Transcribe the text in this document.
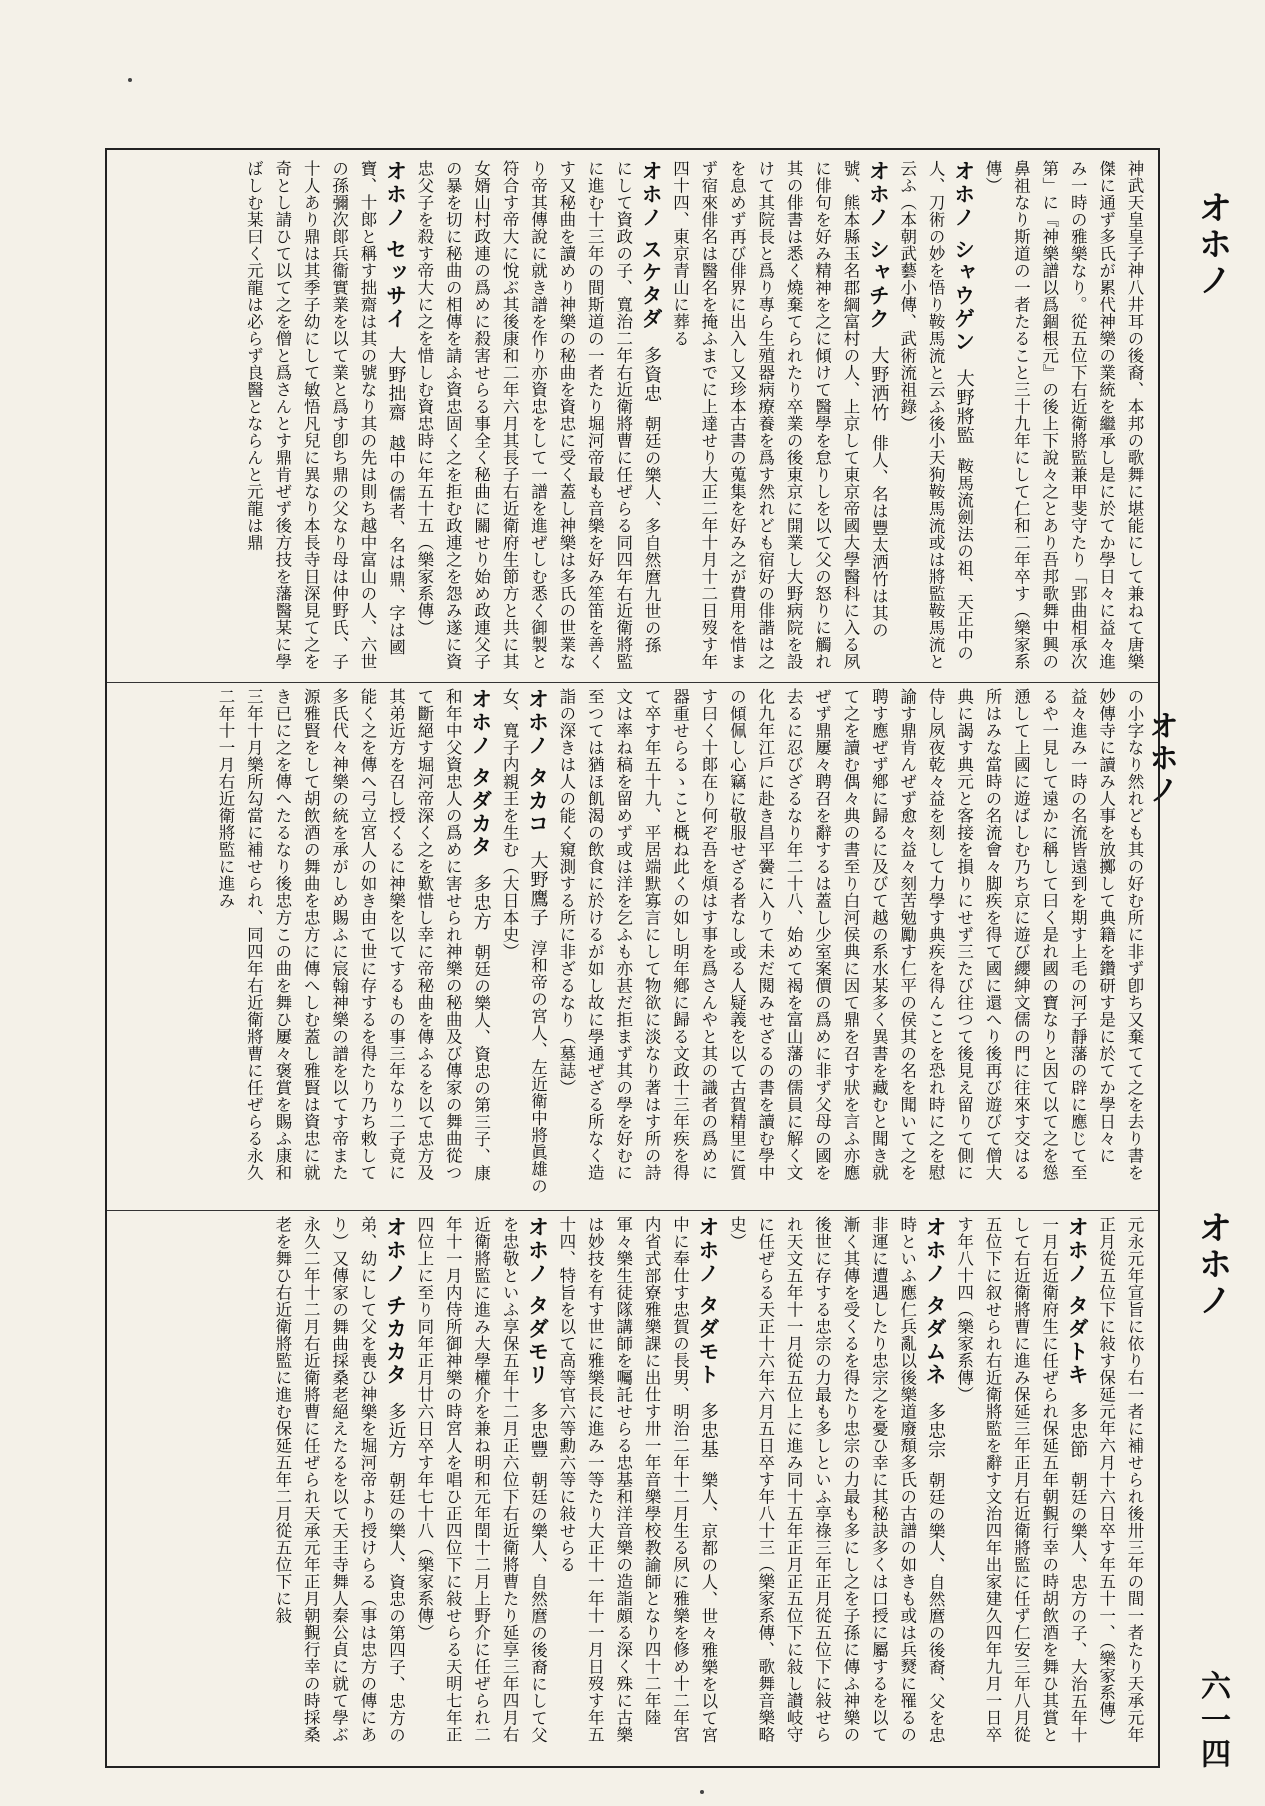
オホノ
オホノ
オホノ
六一四
神武天皇皇子神八井耳の後裔、本邦の歌舞に堪能にして兼ねて唐樂傑に通ず多氏が累代神樂の業統を繼承し是に於てか學日々に益々進み一時の雅樂なり。從五位下右近衛將監兼甲斐守たり「郢曲相承次第」に『神樂譜以爲錮根元』の後上下說々之とあり吾邦歌舞中興の鼻祖なり斯道の一者たること三十九年にして仁和二年卒す（樂家系傳）
オホノ シャウゲン大野將監鞍馬流劍法の祖、天正中の人、刀術の妙を悟り鞍馬流と云ふ後小天狗鞍馬流或は將監鞍馬流と云ふ（本朝武藝小傳、武術流祖錄）
オホノ シャチク大野洒竹俳人、名は豐太洒竹は其の號、熊本縣玉名郡綱富村の人、上京して東京帝國大學醫科に入る夙に俳句を好み精神を之に傾けて醫學を怠りしを以て父の怒りに觸れ其の俳書は悉く燒棄てられたり卒業の後東京に開業し大野病院を設けて其院長と爲り專ら生殖器病療養を爲す然れども宿好の俳諧は之を息めず再び俳界に出入し又珍本古書の蒐集を好み之が費用を惜まず宿來俳名は醫名を掩ふまでに上達せり大正二年十月十二日歿す年四十四、東京青山に葬る
オホノ スケタダ多資忠朝廷の樂人、多自然麿九世の孫にして資政の子、寬治二年右近衛將曹に任ぜらる同四年右近衛將監に進む十三年の間斯道の一者たり堀河帝最も音樂を好み笙笛を善くす又秘曲を讀めり神樂の秘曲を資忠に受く蓋し神樂は多氏の世業なり帝其傳說に就き譜を作り亦資忠をして一譜を進ぜしむ悉く御製と符合す帝大に悅ぶ其後康和二年六月其長子右近衛府生節方と共に其女婿山村政連の爲めに殺害せらる事全く秘曲に關せり始め政連父子の暴を切に秘曲の相傳を請ふ資忠固く之を拒む政連之を怨み遂に資忠父子を殺す帝大に之を惜しむ資忠時に年五十五（樂家系傳）
オホノ セッサイ大野拙齋越中の儒者、名は鼎、字は國寶、十郞と稱す拙齋は其の號なり其の先は則ち越中富山の人、六世の孫彌次郞兵衞實業を以て業と爲す卽ち鼎の父なり母は仲野氏、子十人あり鼎は其季子幼にして敏悟凡兒に異なり本長寺日深見て之を奇とし請ひて以て之を僧と爲さんとす鼎肯ぜず後方技を藩醫某に學ばしむ某曰く元龍は必らず良醫とならんと元龍は鼎
の小字なり然れども其の好む所に非ず卽ち又棄てて之を去り書を妙傳寺に讀み人事を放擲して典籍を鑽研す是に於てか學日々に益々進み一時の名流皆遠到を期す上毛の河子靜藩の辟に應じて至るや一見して遠かに稱して曰く是れ國の寶なりと因て以て之を慫慂して上國に遊ばしむ乃ち京に遊び纓紳文儒の門に往來す交はる所はみな當時の名流會々脚疾を得て國に還へり後再び遊びて僧大典に謁す典元と客接を損りにせず三たび往つて後見え留りて側に侍し夙夜乾々益を刻して力學す典疾を得んことを恐れ時に之を慰諭す鼎肯んぜず愈々益々刻苦勉勵す仁平の侯其の名を聞いて之を聘す應ぜず鄕に歸るに及びて越の系水某多く異書を藏むと聞き就て之を讀む偶々典の書至り白河侯典に因て鼎を召す狀を言ふ亦應ぜず鼎屢々聘召を辭するは蓋し少室案價の爲めに非ず父母の國を去るに忍びざるなり年二十八、始めて褐を富山藩の儒員に解く文化九年江戶に赴き昌平黌に入りて未だ閱みせざるの書を讀む學中の傾佩し心竊に敬服せざる者なし或る人疑義を以て古賀精里に質す曰く十郞在り何ぞ吾を煩はす事を爲さんやと其の識者の爲めに器重せらるゝこと概ね此くの如し明年鄕に歸る文政十三年疾を得て卒す年五十九、平居端默寡言にして物欲に淡なり著はす所の詩文は率ね稿を留めず或は洋を乞ふも亦甚だ拒まず其の學を好むに至つては猶ほ飢渴の飲食に於けるが如し故に學通ぜざる所なく造詣の深きは人の能く窺測する所に非ざるなり（墓誌）
オホノ タカコ大野鷹子淳和帝の宮人、左近衛中將眞雄の女、寬子内親王を生む（大日本史）
オホノ タダカタ多忠方朝廷の樂人、資忠の第三子、康和年中父資忠人の爲めに害せられ神樂の秘曲及び傳家の舞曲從つて斷絕す堀河帝深く之を歎惜し幸に帝秘曲を傳ふるを以て忠方及其弟近方を召し授くるに神樂を以てするもの事三年なり二子竟に能く之を傳へ弓立宮人の如き由て世に存するを得たり乃ち敕して多氏代々神樂の統を承がしめ賜ふに宸翰神樂の譜を以てす帝また源雅賢をして胡飲酒の舞曲を忠方に傳へしむ蓋し雅賢は資忠に就き已に之を傳へたるなり後忠方この曲を舞ひ屢々褒賞を賜ふ康和三年十月樂所勾當に補せられ、同四年右近衛將曹に任ぜらる永久二年十一月右近衛將監に進み
元永元年宣旨に依り右一者に補せられ後卅三年の間一者たり天承元年正月從五位下に敍す保延元年六月十六日卒す年五十一、（樂家系傳）
オホノ タダトキ多忠節朝廷の樂人、忠方の子、大治五年十一月右近衛府生に任ぜられ保延五年朝覲行幸の時胡飲酒を舞ひ其賞として右近衛將曹に進み保延三年正月右近衛將監に任ず仁安三年八月從五位下に叙せられ右近衛將監を辭す文治四年出家建久四年九月一日卒す年八十四（樂家系傳）
オホノ タダムネ多忠宗朝廷の樂人、自然麿の後裔、父を忠時といふ應仁兵亂以後樂道廢頹多氏の古譜の如きも或は兵燹に罹るの非運に遭遇したり忠宗之を憂ひ幸に其秘訣多くは口授に屬するを以て漸く其傳を受くるを得たり忠宗の力最も多にし之を子孫に傳ふ神樂の後世に存する忠宗の力最も多しといふ享祿三年正月從五位下に敍せられ天文五年十一月從五位上に進み同十五年正月正五位下に敍し讃岐守に任ぜらる天正十六年六月五日卒す年八十三（樂家系傳、歌舞音樂略史）
オホノ タダモト多忠基樂人、京都の人、世々雅樂を以て宮中に奉仕す忠賀の長男、明治二年十二月生る夙に雅樂を修め十二年宮内省式部寮雅樂課に出仕す卅一年音樂學校教諭師となり四十二年陸軍々樂生徒隊講師を囑託せらる忠基和洋音樂の造詣頗る深く殊に古樂は妙技を有す世に雅樂長に進み一等たり大正十一年十一月日歿す年五十四、特旨を以て高等官六等勳六等に敍せらる
オホノ タダモリ多忠豐朝廷の樂人、自然麿の後裔にして父を忠敬といふ享保五年十二月正六位下右近衛將曹たり延享三年四月右近衛將監に進み大學權介を兼ね明和元年閏十二月上野介に任ぜられ二年十一月内侍所御神樂の時宮人を唱ひ正四位下に敍せらる天明七年正四位上に至り同年正月廿六日卒す年七十八（樂家系傳）
オホノ チカカタ多近方朝廷の樂人、資忠の第四子、忠方の弟、幼にして父を喪ひ神樂を堀河帝より授けらる（事は忠方の傳にあり）又傳家の舞曲採桑老絕えたるを以て天王寺舞人秦公貞に就て學ぶ永久二年十二月右近衛將曹に任ぜられ天承元年正月朝覲行幸の時採桑老を舞ひ右近衛將監に進む保延五年二月從五位下に敍
